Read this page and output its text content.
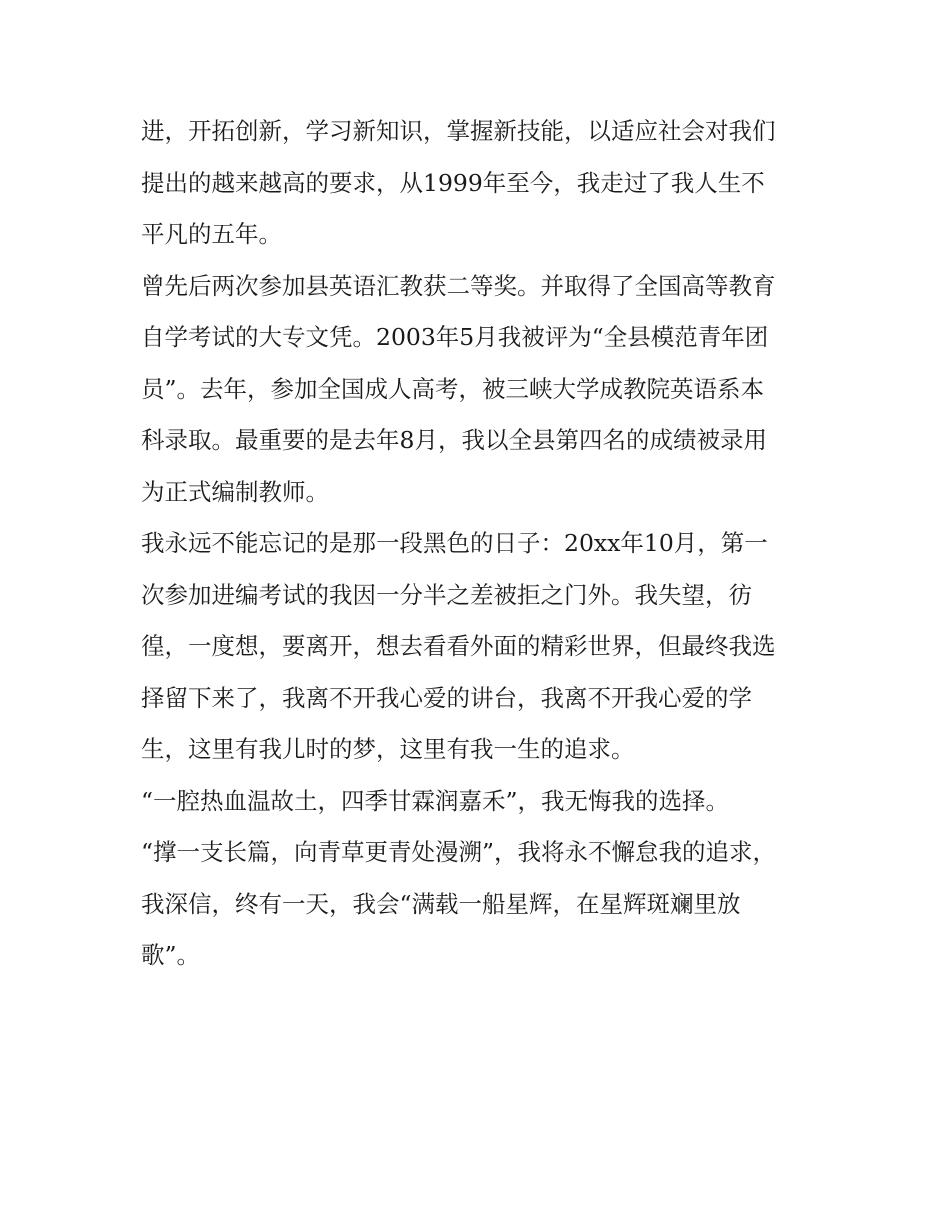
进，开拓创新，学习新知识，掌握新技能，以适应社会对我们
提出的越来越高的要求，从1999年至今，我走过了我人生不
平凡的五年。

曾先后两次参加县英语汇教获二等奖。并取得了全国高等教育
自学考试的大专文凭。2003年5月我被评为“全县模范青年团
员”。去年，参加全国成人高考，被三峡大学成教院英语系本
科录取。最重要的是去年8月，我以全县第四名的成绩被录用
为正式编制教师。

我永远不能忘记的是那一段黑色的日子：20xx年10月，第一
次参加进编考试的我因一分半之差被拒之门外。我失望，彷
徨，一度想，要离开，想去看看外面的精彩世界，但最终我选
择留下来了，我离不开我心爱的讲台，我离不开我心爱的学
生，这里有我儿时的梦，这里有我一生的追求。

“一腔热血温故土，四季甘霖润嘉禾”，我无悔我的选择。

“撑一支长篇，向青草更青处漫溯”，我将永不懈怠我的追求，
我深信，终有一天，我会“满载一船星辉，在星辉斑斓里放
歌”。
